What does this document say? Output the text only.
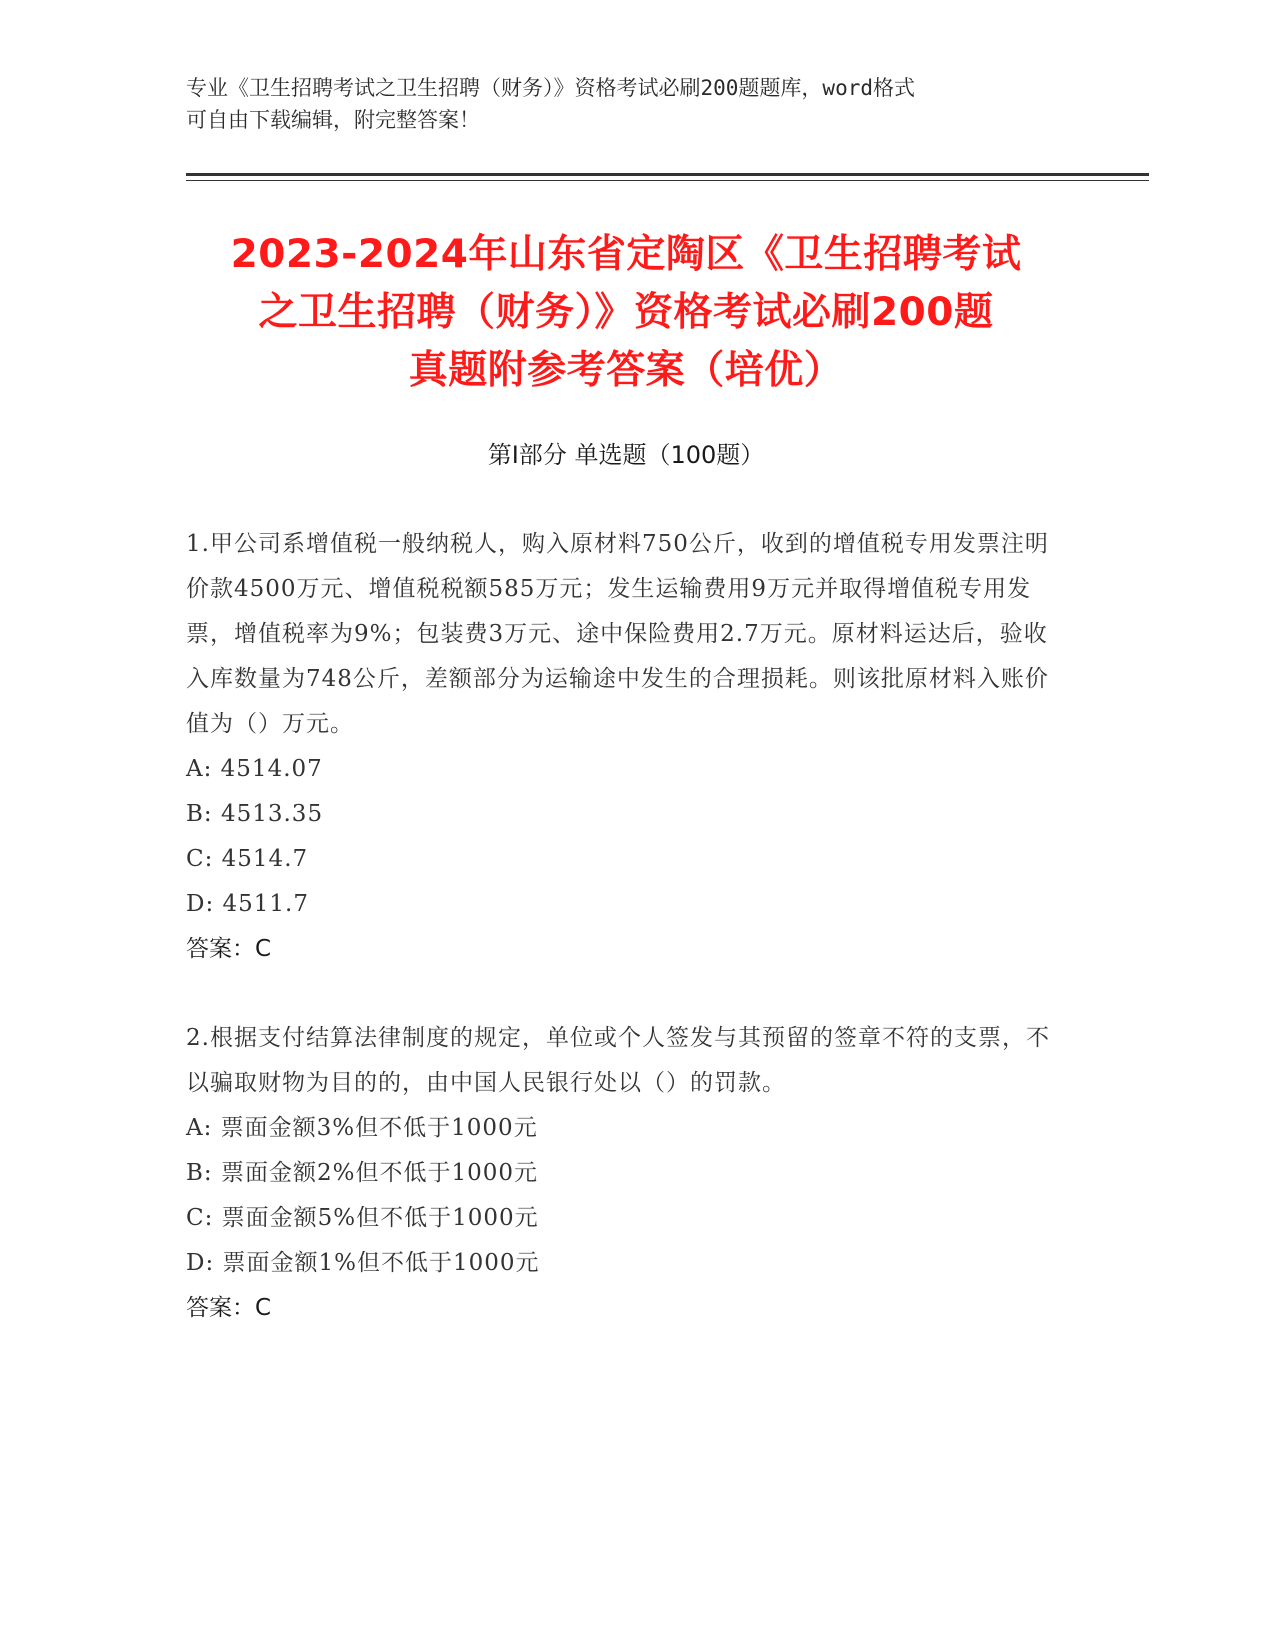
专业《卫生招聘考试之卫生招聘（财务）》资格考试必刷200题题库，word格式
可自由下载编辑，附完整答案！
2023-2024年山东省定陶区《卫生招聘考试
之卫生招聘（财务）》资格考试必刷200题
真题附参考答案（培优）
第Ⅰ部分 单选题（100题）
1.甲公司系增值税一般纳税人，购入原材料750公斤，收到的增值税专用发票注明价款4500万元、增值税税额585万元；发生运输费用9万元并取得增值税专用发票，增值税率为9%；包装费3万元、途中保险费用2.7万元。原材料运达后，验收入库数量为748公斤，差额部分为运输途中发生的合理损耗。则该批原材料入账价值为（）万元。
A: 4514.07
B: 4513.35
C: 4514.7
D: 4511.7
答案：C
2.根据支付结算法律制度的规定，单位或个人签发与其预留的签章不符的支票，不以骗取财物为目的的，由中国人民银行处以（）的罚款。
A: 票面金额3%但不低于1000元
B: 票面金额2%但不低于1000元
C: 票面金额5%但不低于1000元
D: 票面金额1%但不低于1000元
答案：C
